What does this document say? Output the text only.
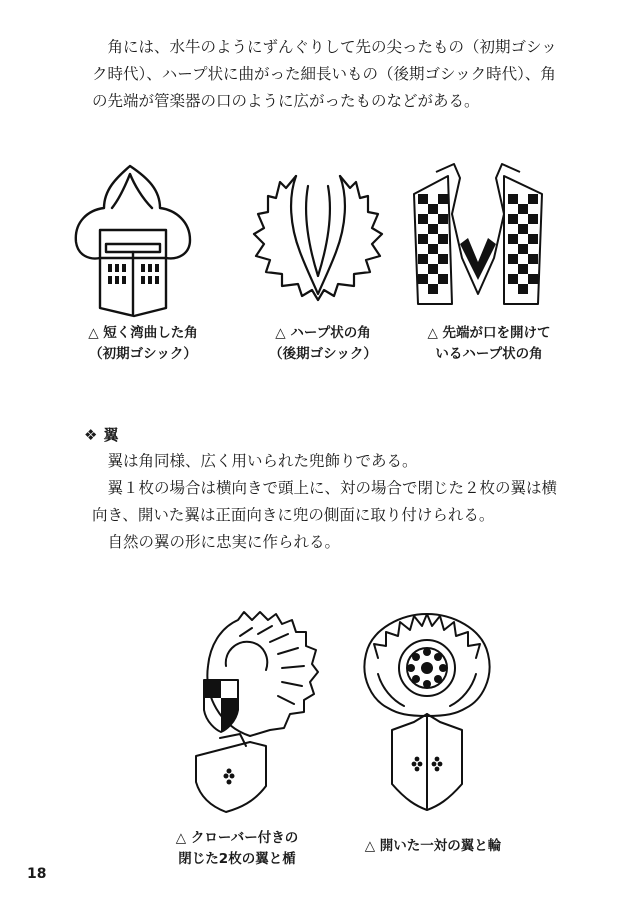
角には、水牛のようにずんぐりして先の尖ったもの（初期ゴシック時代）、ハープ状に曲がった細長いもの（後期ゴシック時代）、角の先端が管楽器の口のように広がったものなどがある。

△ 短く湾曲した角
（初期ゴシック）
△ ハープ状の角
（後期ゴシック）
△ 先端が口を開けて
いるハープ状の角
❖ 翼

翼は角同様、広く用いられた兜飾りである。

翼１枚の場合は横向きで頭上に、対の場合で閉じた２枚の翼は横向き、開いた翼は正面向きに兜の側面に取り付けられる。

自然の翼の形に忠実に作られる。

△ クローバー付きの
閉じた2枚の翼と楯
△ 開いた一対の翼と輪
18
